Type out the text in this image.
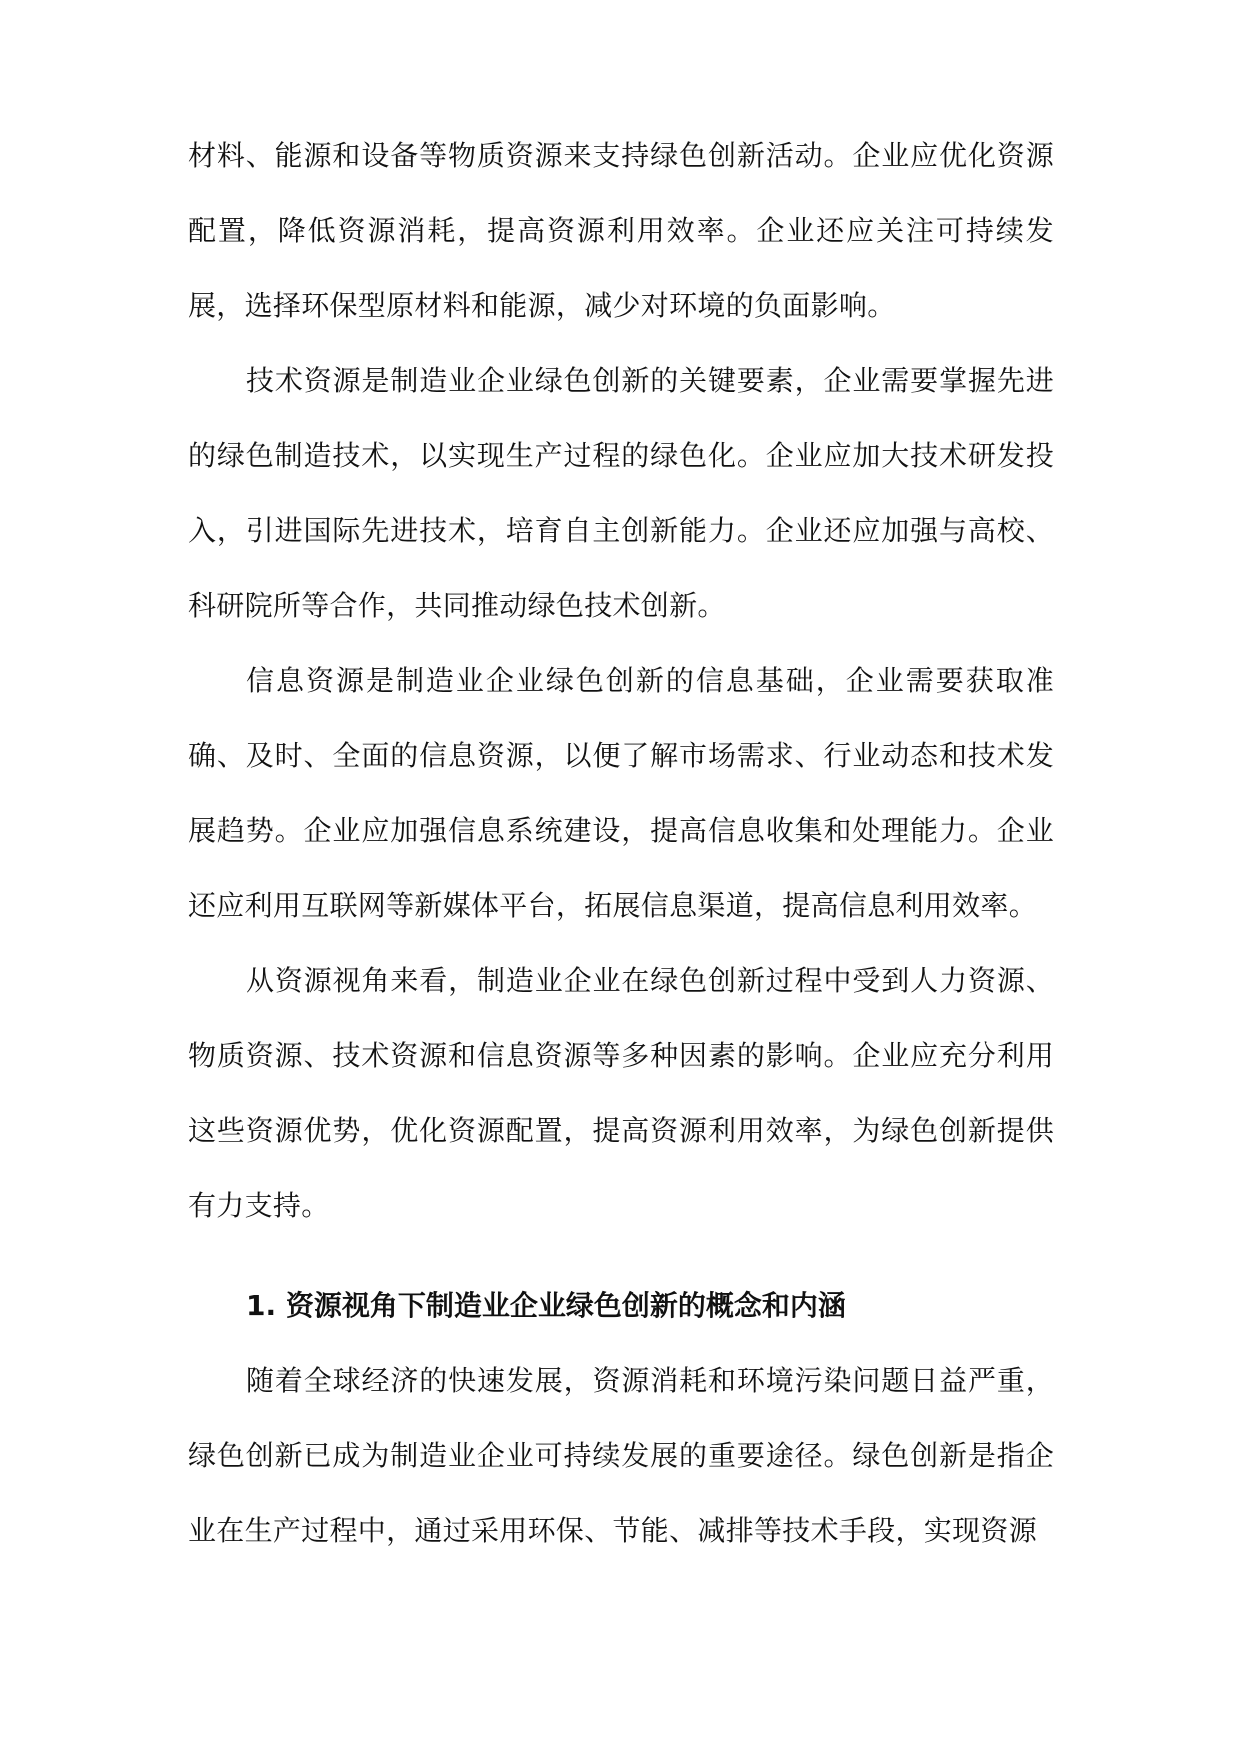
材料、能源和设备等物质资源来支持绿色创新活动。企业应优化资源配置，降低资源消耗，提高资源利用效率。企业还应关注可持续发展，选择环保型原材料和能源，减少对环境的负面影响。

技术资源是制造业企业绿色创新的关键要素，企业需要掌握先进的绿色制造技术，以实现生产过程的绿色化。企业应加大技术研发投入，引进国际先进技术，培育自主创新能力。企业还应加强与高校、科研院所等合作，共同推动绿色技术创新。

信息资源是制造业企业绿色创新的信息基础，企业需要获取准确、及时、全面的信息资源，以便了解市场需求、行业动态和技术发展趋势。企业应加强信息系统建设，提高信息收集和处理能力。企业还应利用互联网等新媒体平台，拓展信息渠道，提高信息利用效率。

从资源视角来看，制造业企业在绿色创新过程中受到人力资源、物质资源、技术资源和信息资源等多种因素的影响。企业应充分利用这些资源优势，优化资源配置，提高资源利用效率，为绿色创新提供有力支持。

1. 资源视角下制造业企业绿色创新的概念和内涵

随着全球经济的快速发展，资源消耗和环境污染问题日益严重，绿色创新已成为制造业企业可持续发展的重要途径。绿色创新是指企业在生产过程中，通过采用环保、节能、减排等技术手段，实现资源
